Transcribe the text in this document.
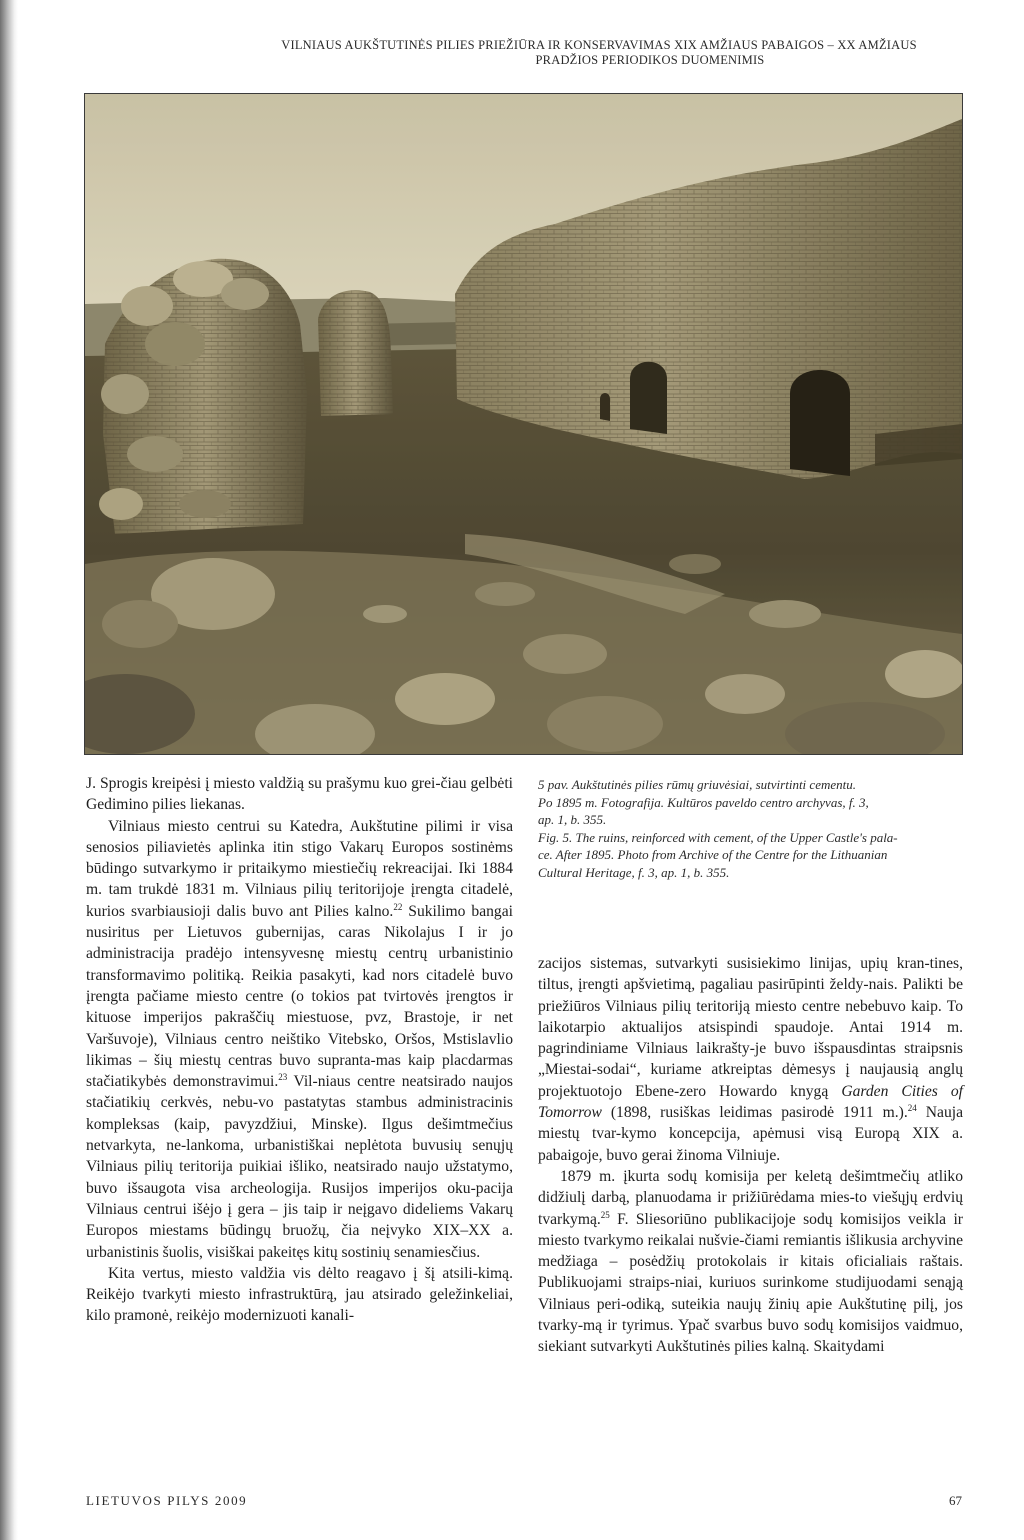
VILNIAUS AUKŠTUTINĖS PILIES PRIEŽIŪRA IR KONSERVAVIMAS XIX AMŽIAUS PABAIGOS – XX AMŽIAUS
PRADŽIOS PERIODIKOS DUOMENIMIS

J. Sprogis kreipėsi į miesto valdžią su prašymu kuo grei-čiau gelbėti Gedimino pilies liekanas.

Vilniaus miesto centrui su Katedra, Aukštutine pilimi ir visa senosios piliavietės aplinka itin stigo Vakarų Europos sostinėms būdingo sutvarkymo ir pritaikymo miestiečių rekreacijai. Iki 1884 m. tam trukdė 1831 m. Vilniaus pilių teritorijoje įrengta citadelė, kurios svarbiausioji dalis buvo ant Pilies kalno.$^{22}$ Sukilimo bangai nusiritus per Lietuvos gubernijas, caras Nikolajus I ir jo administracija pradėjo intensyvesnę miestų centrų urbanistinio transformavimo politiką. Reikia pasakyti, kad nors citadelė buvo įrengta pačiame miesto centre (o tokios pat tvirtovės įrengtos ir kituose imperijos pakraščių miestuose, pvz, Brastoje, ir net Varšuvoje), Vilniaus centro neištiko Vitebsko, Oršos, Mstislavlio likimas – šių miestų centras buvo supranta-mas kaip placdarmas stačiatikybės demonstravimui.$^{23}$ Vil-niaus centre neatsirado naujos stačiatikių cerkvės, nebu-vo pastatytas stambus administracinis kompleksas (kaip, pavyzdžiui, Minske). Ilgus dešimtmečius netvarkyta, ne-lankoma, urbanistiškai neplėtota buvusių senųjų Vilniaus pilių teritorija puikiai išliko, neatsirado naujo užstatymo, buvo išsaugota visa archeologija. Rusijos imperijos oku-pacija Vilniaus centrui išėjo į gera – jis taip ir neįgavo dideliems Vakarų Europos miestams būdingų bruožų, čia neįvyko XIX–XX a. urbanistinis šuolis, visiškai pakeitęs kitų sostinių senamiesčius.

Kita vertus, miesto valdžia vis dėlto reagavo į šį atsili-kimą. Reikėjo tvarkyti miesto infrastruktūrą, jau atsirado geležinkeliai, kilo pramonė, reikėjo modernizuoti kanali-

5 pav. Aukštutinės pilies rūmų griuvėsiai, sutvirtinti cementu.

Po 1895 m. Fotografija. Kultūros paveldo centro archyvas, f. 3,

ap. 1, b. 355.

Fig. 5. The ruins, reinforced with cement, of the Upper Castle's pala-

ce. After 1895. Photo from Archive of the Centre for the Lithuanian

Cultural Heritage, f. 3, ap. 1, b. 355.

zacijos sistemas, sutvarkyti susisiekimo linijas, upių kran-tines, tiltus, įrengti apšvietimą, pagaliau pasirūpinti želdy-nais. Palikti be priežiūros Vilniaus pilių teritoriją miesto centre nebebuvo kaip. To laikotarpio aktualijos atsispindi spaudoje. Antai 1914 m. pagrindiniame Vilniaus laikrašty-je buvo išspausdintas straipsnis „Miestai-sodai“, kuriame atkreiptas dėmesys į naujausią anglų projektuotojo Ebene-zero Howardo knygą Garden Cities of Tomorrow (1898, rusiškas leidimas pasirodė 1911 m.).$^{24}$ Nauja miestų tvar-kymo koncepcija, apėmusi visą Europą XIX a. pabaigoje, buvo gerai žinoma Vilniuje.

1879 m. įkurta sodų komisija per keletą dešimtmečių atliko didžiulį darbą, planuodama ir prižiūrėdama mies-to viešųjų erdvių tvarkymą.$^{25}$ F. Sliesoriūno publikacijoje sodų komisijos veikla ir miesto tvarkymo reikalai nušvie-čiami remiantis išlikusia archyvine medžiaga – posėdžių protokolais ir kitais oficialiais raštais. Publikuojami straips-niai, kuriuos surinkome studijuodami senąją Vilniaus peri-odiką, suteikia naujų žinių apie Aukštutinę pilį, jos tvarky-mą ir tyrimus. Ypač svarbus buvo sodų komisijos vaidmuo, siekiant sutvarkyti Aukštutinės pilies kalną. Skaitydami

LIETUVOS PILYS 2009	67
